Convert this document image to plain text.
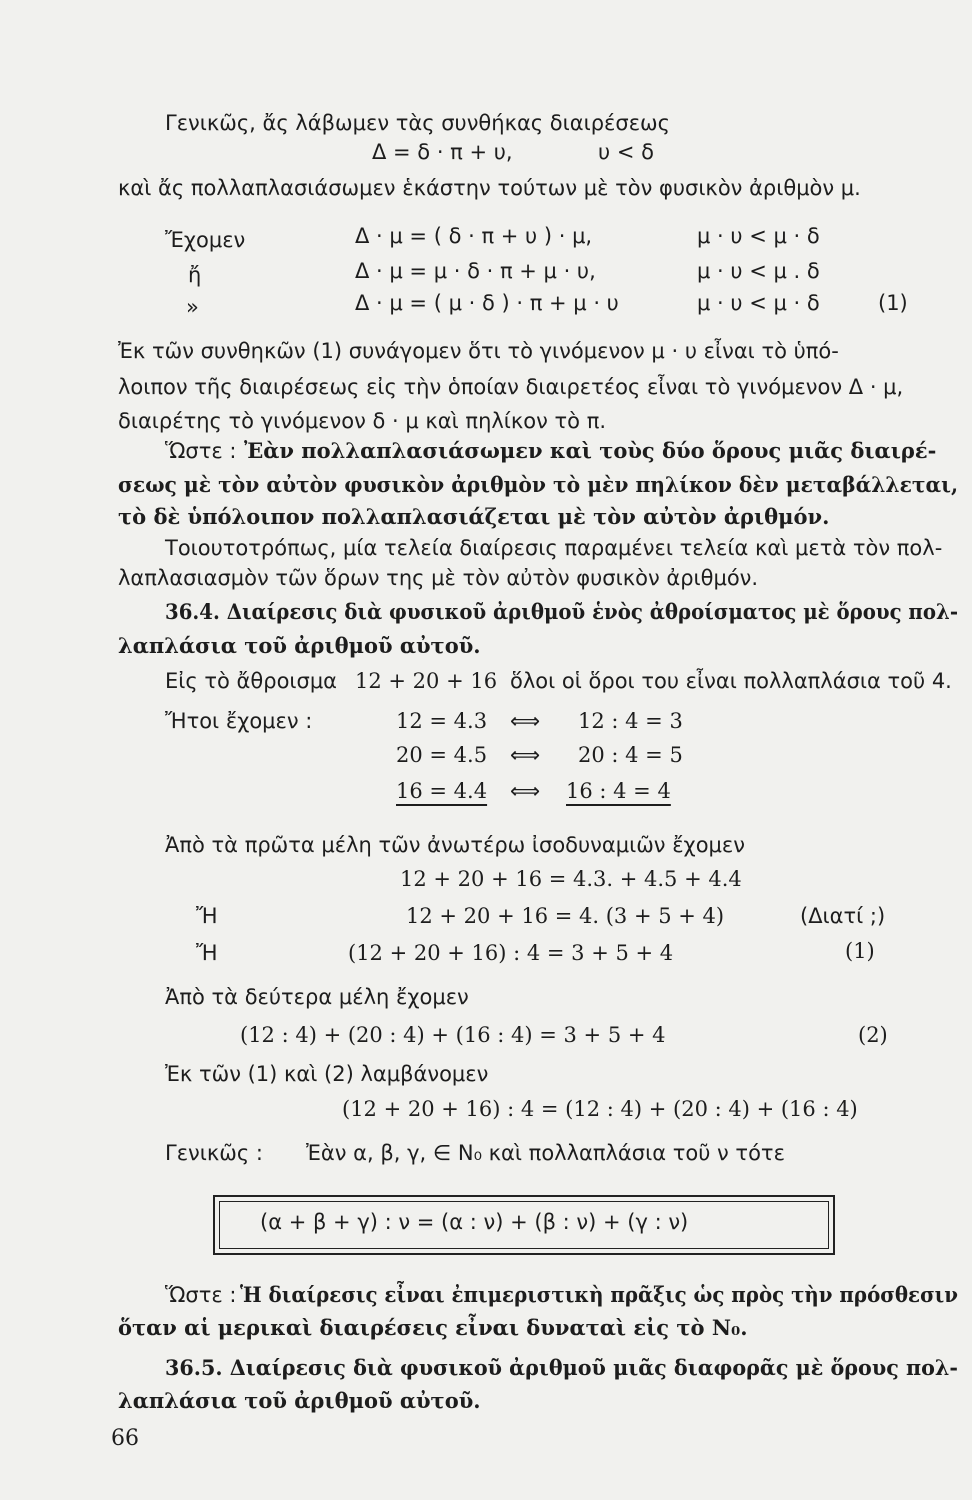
Γενικῶς, ἄς λάβωμεν τὰς συνθήκας διαιρέσεως
Δ = δ · π + υ,	υ < δ
καὶ ἄς πολλαπλασιάσωμεν ἑκάστην τούτων μὲ τὸν φυσικὸν ἀριθμὸν μ.
Ἔχομεν	Δ · μ = ( δ · π + υ ) · μ,	μ · υ < μ · δ
ἤ	Δ · μ = μ · δ · π + μ · υ,	μ · υ < μ . δ
»	Δ · μ = ( μ · δ ) · π + μ · υ	μ · υ < μ · δ	(1)
Ἐκ τῶν συνθηκῶν (1) συνάγομεν ὅτι τὸ γινόμενον μ · υ εἶναι τὸ ὑπό-
λοιπον τῆς διαιρέσεως εἰς τὴν ὁποίαν διαιρετέος εἶναι τὸ γινόμενον Δ · μ,
διαιρέτης τὸ γινόμενον δ · μ καὶ πηλίκον τὸ π.
Ὥστε : Ἐὰν πολλαπλασιάσωμεν καὶ τοὺς δύο ὅρους μιᾶς διαιρέ-
σεως μὲ τὸν αὐτὸν φυσικὸν ἀριθμὸν τὸ μὲν πηλίκον δὲν μεταβάλλεται,
τὸ δὲ ὑπόλοιπον πολλαπλασιάζεται μὲ τὸν αὐτὸν ἀριθμόν.
Τοιουτοτρόπως, μία τελεία διαίρεσις παραμένει τελεία καὶ μετὰ τὸν πολ-
λαπλασιασμὸν τῶν ὅρων της μὲ τὸν αὐτὸν φυσικὸν ἀριθμόν.
36.4. Διαίρεσις διὰ φυσικοῦ ἀριθμοῦ ἑνὸς ἀθροίσματος μὲ ὅρους πολ-
λαπλάσια τοῦ ἀριθμοῦ αὐτοῦ.
Εἰς τὸ ἄθροισμα 12 + 20 + 16 ὅλοι οἱ ὅροι του εἶναι πολλαπλάσια τοῦ 4.
Ἤτοι ἔχομεν :	12 = 4.3 ⟺ 12 : 4 = 3
20 = 4.5 ⟺ 20 : 4 = 5
16 = 4.4 ⟺ 16 : 4 = 4
Ἀπὸ τὰ πρῶτα μέλη τῶν ἀνωτέρω ἰσοδυναμιῶν ἔχομεν
12 + 20 + 16 = 4.3. + 4.5 + 4.4
Ἤ	12 + 20 + 16 = 4. (3 + 5 + 4)	(Διατί ;)
Ἤ	(12 + 20 + 16) : 4 = 3 + 5 + 4	(1)
Ἀπὸ τὰ δεύτερα μέλη ἔχομεν
(12 : 4) + (20 : 4) + (16 : 4) = 3 + 5 + 4	(2)
Ἐκ τῶν (1) καὶ (2) λαμβάνομεν
(12 + 20 + 16) : 4 = (12 : 4) + (20 : 4) + (16 : 4)
Γενικῶς : Ἐὰν α, β, γ, ∈ N₀ καὶ πολλαπλάσια τοῦ ν τότε
(α + β + γ) : ν = (α : ν) + (β : ν) + (γ : ν)
Ὥστε : Ἡ διαίρεσις εἶναι ἐπιμεριστικὴ πρᾶξις ὡς πρὸς τὴν πρόσθεσιν
ὅταν αἱ μερικαὶ διαιρέσεις εἶναι δυναταὶ εἰς τὸ N₀.
36.5. Διαίρεσις διὰ φυσικοῦ ἀριθμοῦ μιᾶς διαφορᾶς μὲ ὅρους πολ-
λαπλάσια τοῦ ἀριθμοῦ αὐτοῦ.
66
